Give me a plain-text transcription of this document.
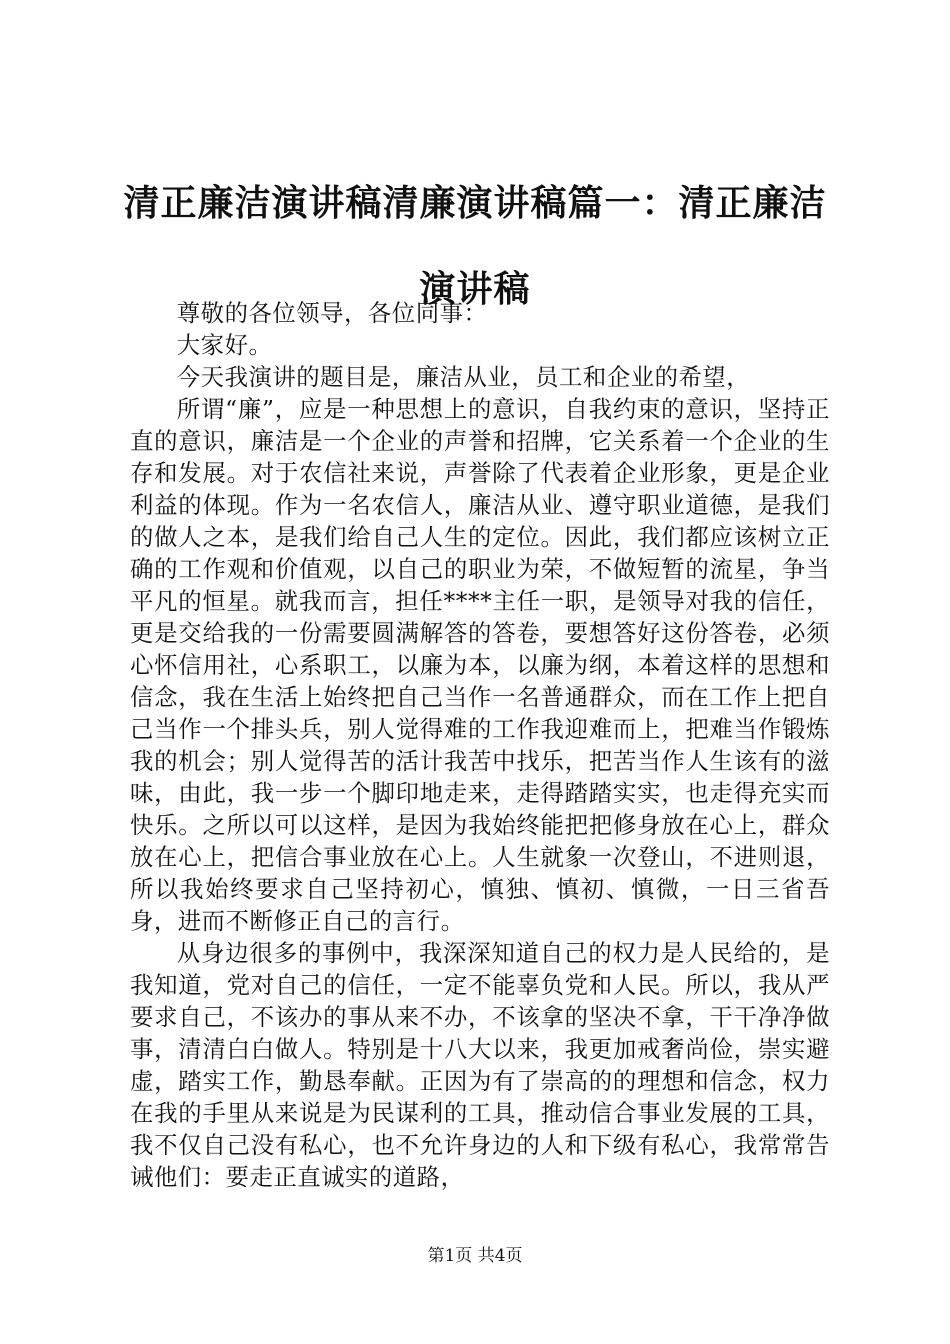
清正廉洁演讲稿清廉演讲稿篇一：清正廉洁演讲稿

尊敬的各位领导，各位同事：

大家好。

今天我演讲的题目是，廉洁从业，员工和企业的希望，

所谓“廉”，应是一种思想上的意识，自我约束的意识，坚持正直的意识，廉洁是一个企业的声誉和招牌，它关系着一个企业的生存和发展。对于农信社来说，声誉除了代表着企业形象，更是企业利益的体现。作为一名农信人，廉洁从业、遵守职业道德，是我们的做人之本，是我们给自己人生的定位。因此，我们都应该树立正确的工作观和价值观，以自己的职业为荣，不做短暂的流星，争当平凡的恒星。就我而言，担任****主任一职，是领导对我的信任，更是交给我的一份需要圆满解答的答卷，要想答好这份答卷，必须心怀信用社，心系职工，以廉为本，以廉为纲，本着这样的思想和信念，我在生活上始终把自己当作一名普通群众，而在工作上把自己当作一个排头兵，别人觉得难的工作我迎难而上，把难当作锻炼我的机会；别人觉得苦的活计我苦中找乐，把苦当作人生该有的滋味，由此，我一步一个脚印地走来，走得踏踏实实，也走得充实而快乐。之所以可以这样，是因为我始终能把把修身放在心上，群众放在心上，把信合事业放在心上。人生就象一次登山，不进则退，所以我始终要求自己坚持初心，慎独、慎初、慎微，一日三省吾身，进而不断修正自己的言行。

从身边很多的事例中，我深深知道自己的权力是人民给的，是我知道，党对自己的信任，一定不能辜负党和人民。所以，我从严要求自己，不该办的事从来不办，不该拿的坚决不拿，干干净净做事，清清白白做人。特别是十八大以来，我更加戒奢尚俭，崇实避虚，踏实工作，勤恳奉献。正因为有了崇高的的理想和信念，权力在我的手里从来说是为民谋利的工具，推动信合事业发展的工具，我不仅自己没有私心，也不允许身边的人和下级有私心，我常常告诫他们：要走正直诚实的道路，

第1页 共4页
